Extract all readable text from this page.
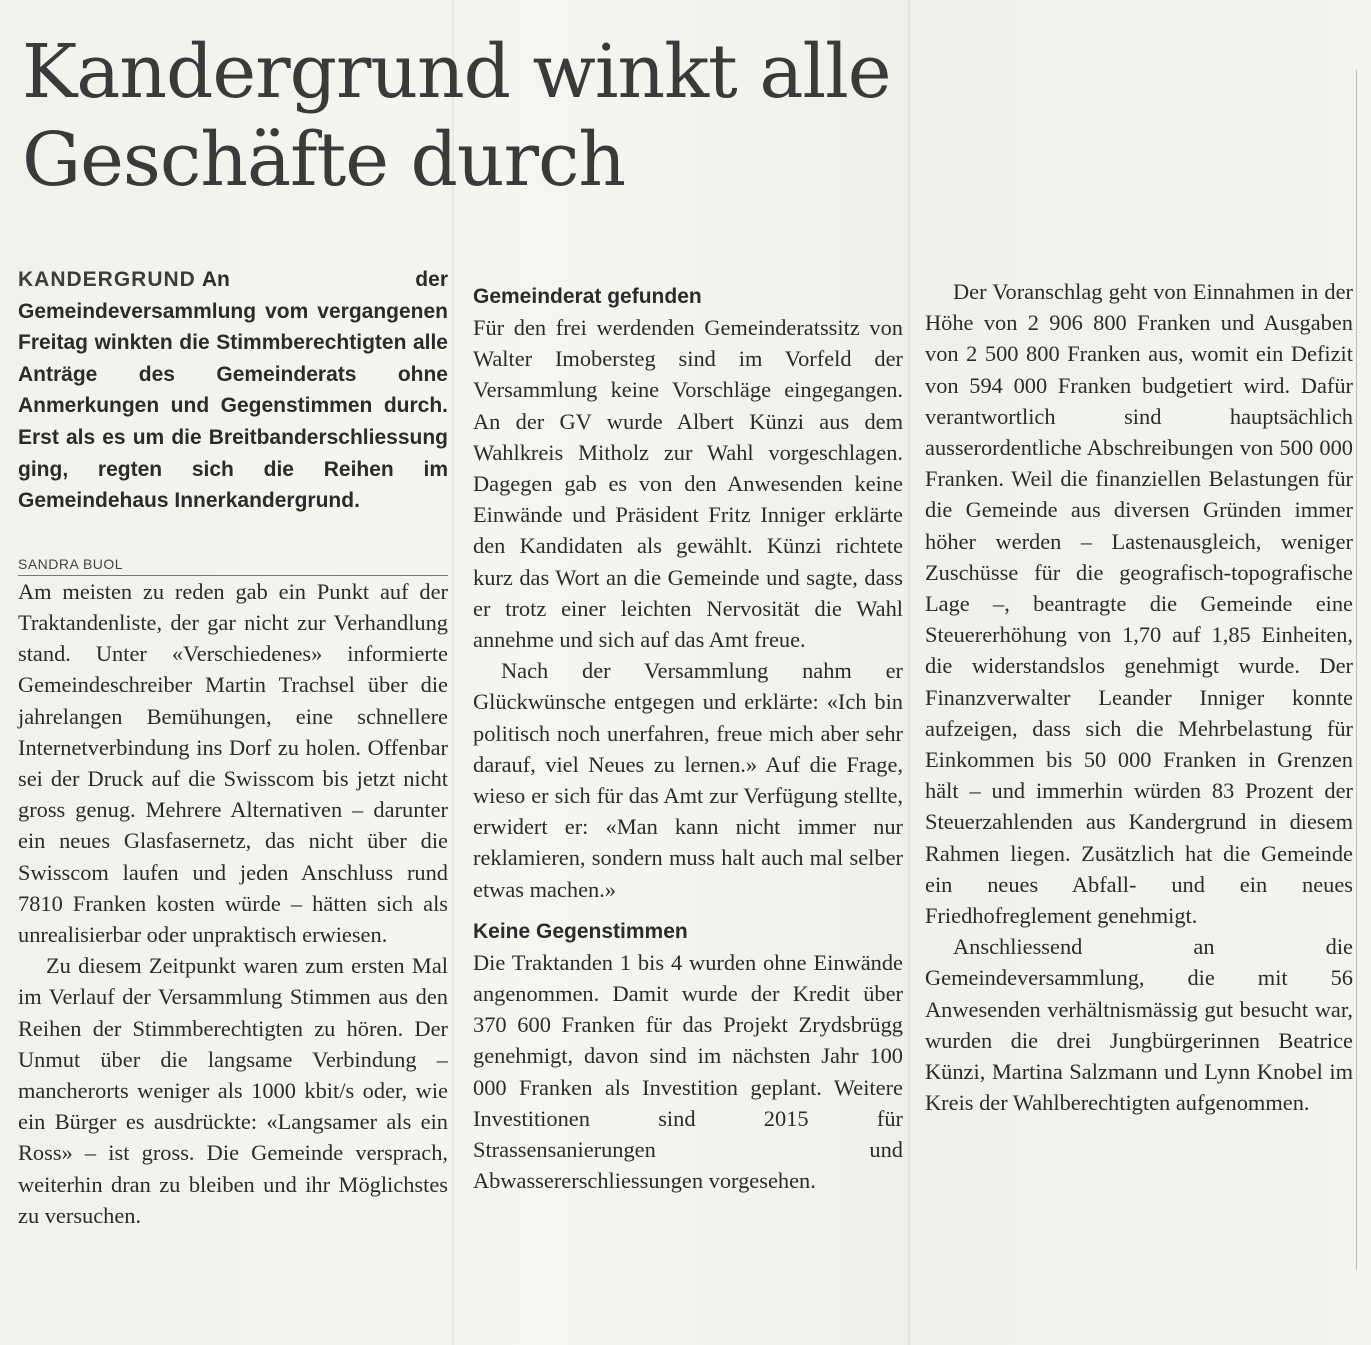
Kandergrund winkt alle
Geschäfte durch

KANDERGRUND An der Gemeindeversammlung vom vergangenen Freitag winkten die Stimmberechtigten alle Anträge des Gemeinderats ohne Anmerkungen und Gegenstimmen durch. Erst als es um die Breitbanderschliessung ging, regten sich die Reihen im Gemeindehaus Innerkandergrund.

SANDRA BUOL

Am meisten zu reden gab ein Punkt auf der Traktandenliste, der gar nicht zur Verhandlung stand. Unter «Verschiedenes» informierte Gemeindeschreiber Martin Trachsel über die jahrelangen Bemühungen, eine schnellere Internetverbindung ins Dorf zu holen. Offenbar sei der Druck auf die Swisscom bis jetzt nicht gross genug. Mehrere Alternativen – darunter ein neues Glasfasernetz, das nicht über die Swisscom laufen und jeden Anschluss rund 7810 Franken kosten würde – hätten sich als unrealisierbar oder unpraktisch erwiesen.

Zu diesem Zeitpunkt waren zum ersten Mal im Verlauf der Versammlung Stimmen aus den Reihen der Stimmberechtigten zu hören. Der Unmut über die langsame Verbindung – mancherorts weniger als 1000 kbit/s oder, wie ein Bürger es ausdrückte: «Langsamer als ein Ross» – ist gross. Die Gemeinde versprach, weiterhin dran zu bleiben und ihr Möglichstes zu versuchen.

Gemeinderat gefunden

Für den frei werdenden Gemeinderatssitz von Walter Imobersteg sind im Vorfeld der Versammlung keine Vorschläge eingegangen. An der GV wurde Albert Künzi aus dem Wahlkreis Mitholz zur Wahl vorgeschlagen. Dagegen gab es von den Anwesenden keine Einwände und Präsident Fritz Inniger erklärte den Kandidaten als gewählt. Künzi richtete kurz das Wort an die Gemeinde und sagte, dass er trotz einer leichten Nervosität die Wahl annehme und sich auf das Amt freue.

Nach der Versammlung nahm er Glückwünsche entgegen und erklärte: «Ich bin politisch noch unerfahren, freue mich aber sehr darauf, viel Neues zu lernen.» Auf die Frage, wieso er sich für das Amt zur Verfügung stellte, erwidert er: «Man kann nicht immer nur reklamieren, sondern muss halt auch mal selber etwas machen.»

Keine Gegenstimmen

Die Traktanden 1 bis 4 wurden ohne Einwände angenommen. Damit wurde der Kredit über 370 600 Franken für das Projekt Zrydsbrügg genehmigt, davon sind im nächsten Jahr 100 000 Franken als Investition geplant. Weitere Investitionen sind 2015 für Strassensanierungen und Abwassererschliessungen vorgesehen.

Der Voranschlag geht von Einnahmen in der Höhe von 2 906 800 Franken und Ausgaben von 2 500 800 Franken aus, womit ein Defizit von 594 000 Franken budgetiert wird. Dafür verantwortlich sind hauptsächlich ausserordentliche Abschreibungen von 500 000 Franken. Weil die finanziellen Belastungen für die Gemeinde aus diversen Gründen immer höher werden – Lastenausgleich, weniger Zuschüsse für die geografisch-topografische Lage –, beantragte die Gemeinde eine Steuererhöhung von 1,70 auf 1,85 Einheiten, die widerstandslos genehmigt wurde. Der Finanzverwalter Leander Inniger konnte aufzeigen, dass sich die Mehrbelastung für Einkommen bis 50 000 Franken in Grenzen hält – und immerhin würden 83 Prozent der Steuerzahlenden aus Kandergrund in diesem Rahmen liegen. Zusätzlich hat die Gemeinde ein neues Abfall- und ein neues Friedhofreglement genehmigt.

Anschliessend an die Gemeindeversammlung, die mit 56 Anwesenden verhältnismässig gut besucht war, wurden die drei Jungbürgerinnen Beatrice Künzi, Martina Salzmann und Lynn Knobel im Kreis der Wahlberechtigten aufgenommen.
